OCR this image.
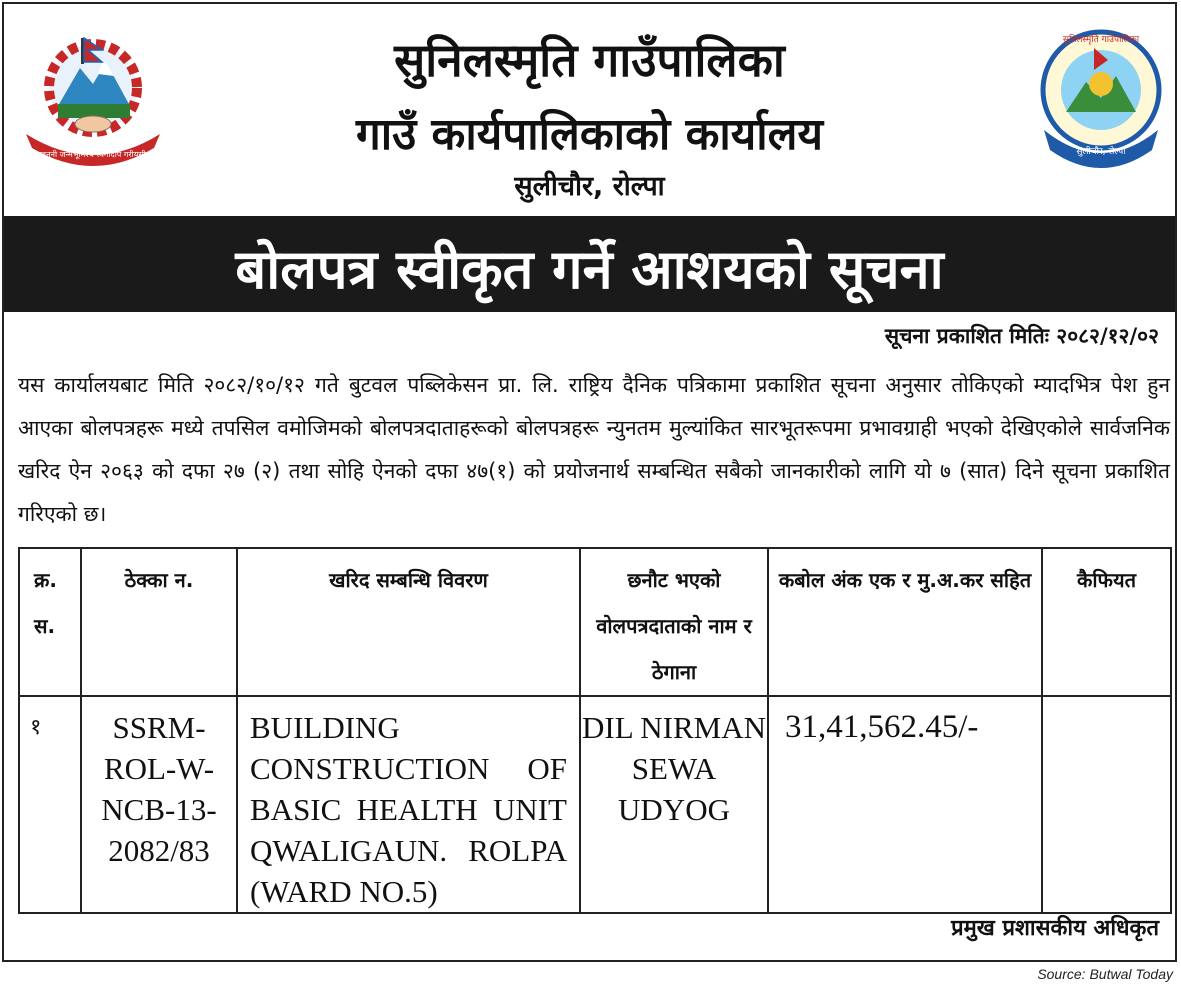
जननी जन्मभूमिश्च स्वर्गादपि गरीयसी
सुनिलस्मृति गाउँपालिका
गाउँ कार्यपालिकाको कार्यालय
सुलीचौर, रोल्पा
सुलीचौर, रोल्पा
सुनिलस्मृति गाउँपालिका
बोलपत्र स्वीकृत गर्ने आशयको सूचना
सूचना प्रकाशित मितिः २०८२/१२/०२
यस कार्यालयबाट मिति २०८२/१०/१२ गते बुटवल पब्लिकेसन प्रा. लि. राष्ट्रिय दैनिक पत्रिकामा प्रकाशित सूचना अनुसार तोकिएको म्यादभित्र पेश हुन आएका बोलपत्रहरू मध्ये तपसिल वमोजिमको बोलपत्रदाताहरूको बोलपत्रहरू न्युनतम मुल्यांकित सारभूतरूपमा प्रभावग्राही भएको देखिएकोले सार्वजनिक खरिद ऐन २०६३ को दफा २७ (२) तथा सोहि ऐनको दफा ४७(१) को प्रयोजनार्थ सम्बन्धित सबैको जानकारीको लागि यो ७ (सात) दिने सूचना प्रकाशित गरिएको छ।
क्र. स.	ठेक्का न.	खरिद सम्बन्धि विवरण	छनौट भएको वोलपत्रदाताको नाम र ठेगाना	कबोल अंक एक र मु.अ.कर सहित	कैफियत
१	SSRM-ROL-W-NCB-13-2082/83	BUILDING CONSTRUCTION OF BASIC HEALTH UNIT QWALIGAUN. ROLPA (WARD NO.5)	DIL NIRMAN SEWA UDYOG	31,41,562.45/-	
प्रमुख प्रशासकीय अधिकृत
Source: Butwal Today
